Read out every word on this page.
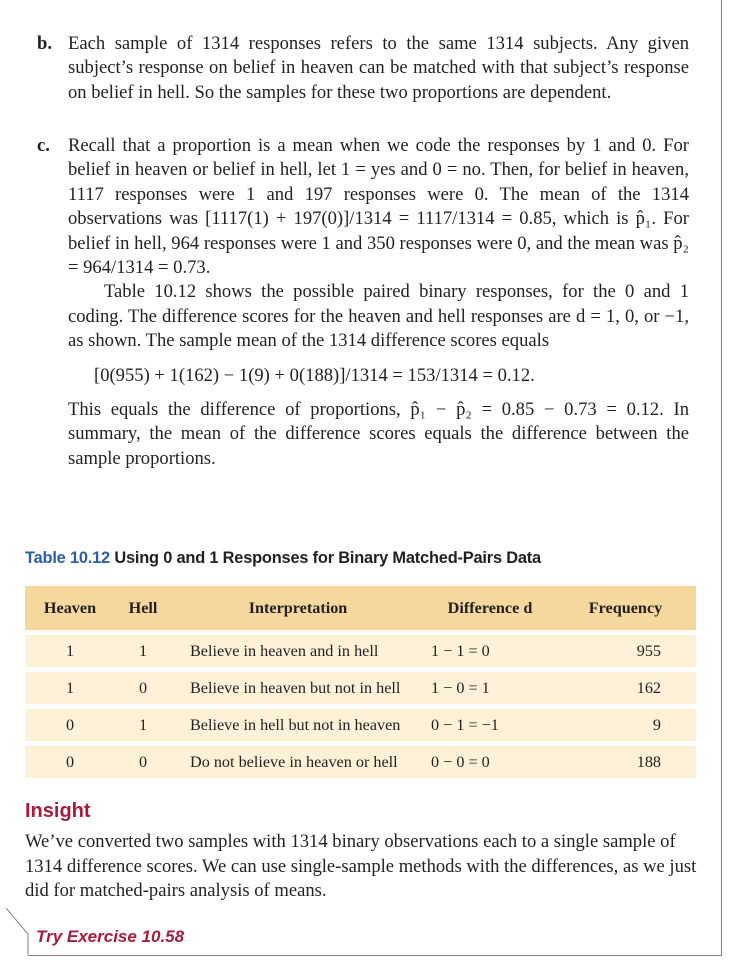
b. Each sample of 1314 responses refers to the same 1314 subjects. Any given subject’s response on belief in heaven can be matched with that subject’s response on belief in hell. So the samples for these two proportions are dependent.

c. Recall that a proportion is a mean when we code the responses by 1 and 0. For belief in heaven or belief in hell, let 1 = yes and 0 = no. Then, for belief in heaven, 1117 responses were 1 and 197 responses were 0. The mean of the 1314 observations was [1117(1) + 197(0)]/1314 = 1117/1314 = 0.85, which is p̂₁. For belief in hell, 964 responses were 1 and 350 responses were 0, and the mean was p̂₂ = 964/1314 = 0.73.

Table 10.12 shows the possible paired binary responses, for the 0 and 1 coding. The difference scores for the heaven and hell responses are d = 1, 0, or −1, as shown. The sample mean of the 1314 difference scores equals

[0(955) + 1(162) − 1(9) + 0(188)]/1314 = 153/1314 = 0.12.

This equals the difference of proportions, p̂₁ − p̂₂ = 0.85 − 0.73 = 0.12. In summary, the mean of the difference scores equals the difference between the sample proportions.

Table 10.12 Using 0 and 1 Responses for Binary Matched-Pairs Data
Heaven	Hell	Interpretation	Difference d	Frequency

1	1	Believe in heaven and in hell	1 − 1 = 0	955

1	0	Believe in heaven but not in hell	1 − 0 = 1	162

0	1	Believe in hell but not in heaven	0 − 1 = −1	9

0	0	Do not believe in heaven or hell	0 − 0 = 0	188
Insight
We’ve converted two samples with 1314 binary observations each to a single sample of 1314 difference scores. We can use single-sample methods with the differences, as we just did for matched-pairs analysis of means.
Try Exercise 10.58
